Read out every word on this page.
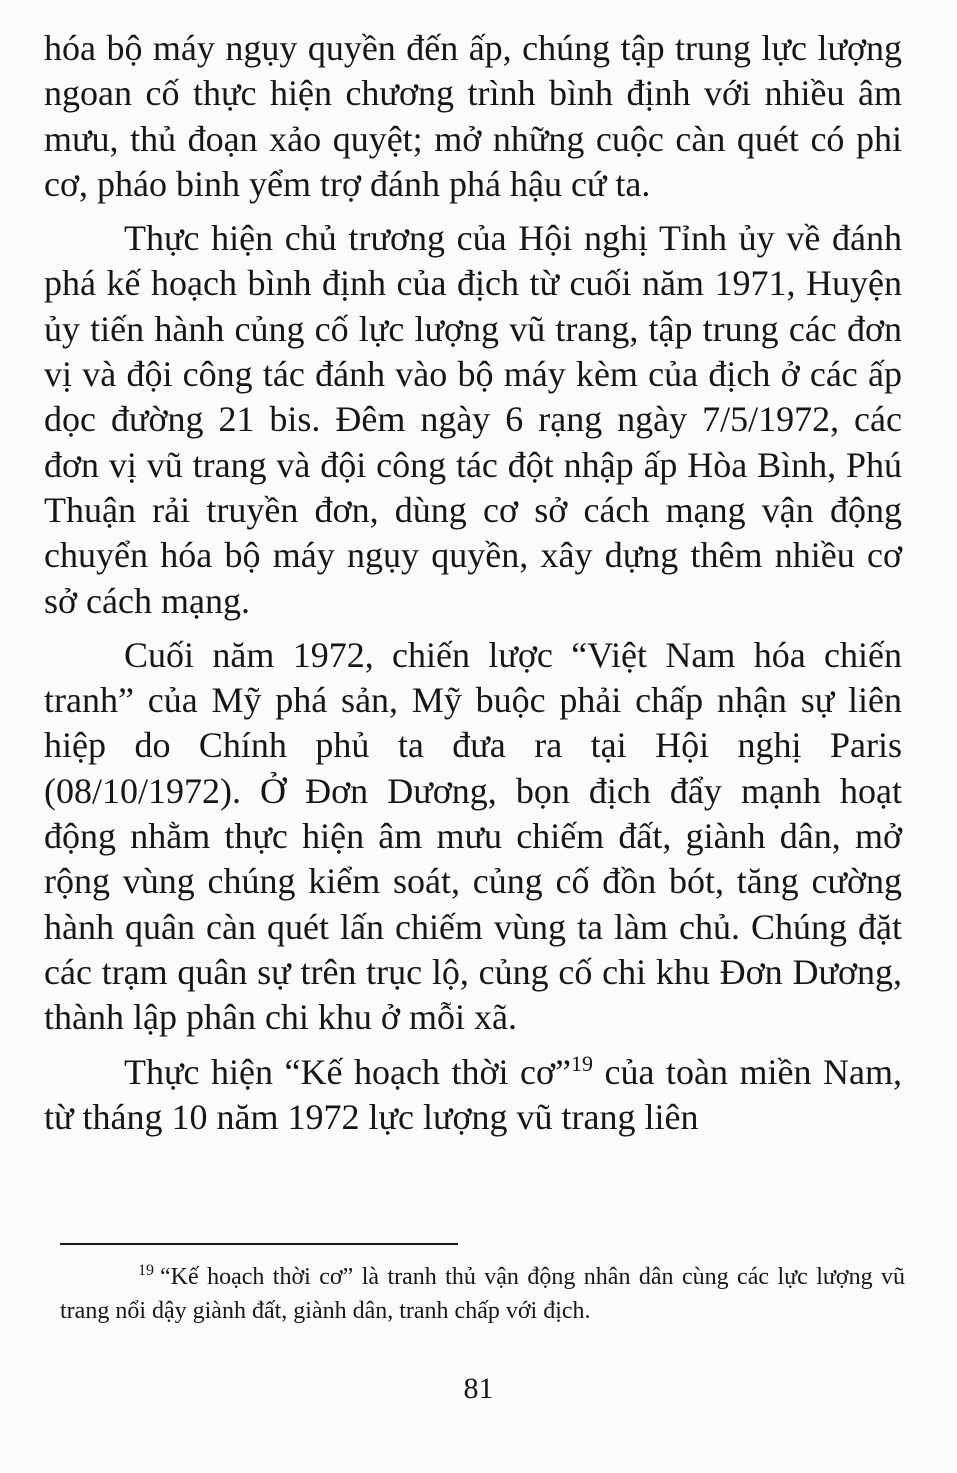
hóa bộ máy ngụy quyền đến ấp, chúng tập trung lực lượng ngoan cố thực hiện chương trình bình định với nhiều âm mưu, thủ đoạn xảo quyệt; mở những cuộc càn quét có phi cơ, pháo binh yểm trợ đánh phá hậu cứ ta.

Thực hiện chủ trương của Hội nghị Tỉnh ủy về đánh phá kế hoạch bình định của địch từ cuối năm 1971, Huyện ủy tiến hành củng cố lực lượng vũ trang, tập trung các đơn vị và đội công tác đánh vào bộ máy kèm của địch ở các ấp dọc đường 21 bis. Đêm ngày 6 rạng ngày 7/5/1972, các đơn vị vũ trang và đội công tác đột nhập ấp Hòa Bình, Phú Thuận rải truyền đơn, dùng cơ sở cách mạng vận động chuyển hóa bộ máy ngụy quyền, xây dựng thêm nhiều cơ sở cách mạng.

Cuối năm 1972, chiến lược “Việt Nam hóa chiến tranh” của Mỹ phá sản, Mỹ buộc phải chấp nhận sự liên hiệp do Chính phủ ta đưa ra tại Hội nghị Paris (08/10/1972). Ở Đơn Dương, bọn địch đẩy mạnh hoạt động nhằm thực hiện âm mưu chiếm đất, giành dân, mở rộng vùng chúng kiểm soát, củng cố đồn bót, tăng cường hành quân càn quét lấn chiếm vùng ta làm chủ. Chúng đặt các trạm quân sự trên trục lộ, củng cố chi khu Đơn Dương, thành lập phân chi khu ở mỗi xã.

Thực hiện “Kế hoạch thời cơ”$^{19}$ của toàn miền Nam, từ tháng 10 năm 1972 lực lượng vũ trang liên

$^{19}$ “Kế hoạch thời cơ” là tranh thủ vận động nhân dân cùng các lực lượng vũ trang nổi dậy giành đất, giành dân, tranh chấp với địch.
81
